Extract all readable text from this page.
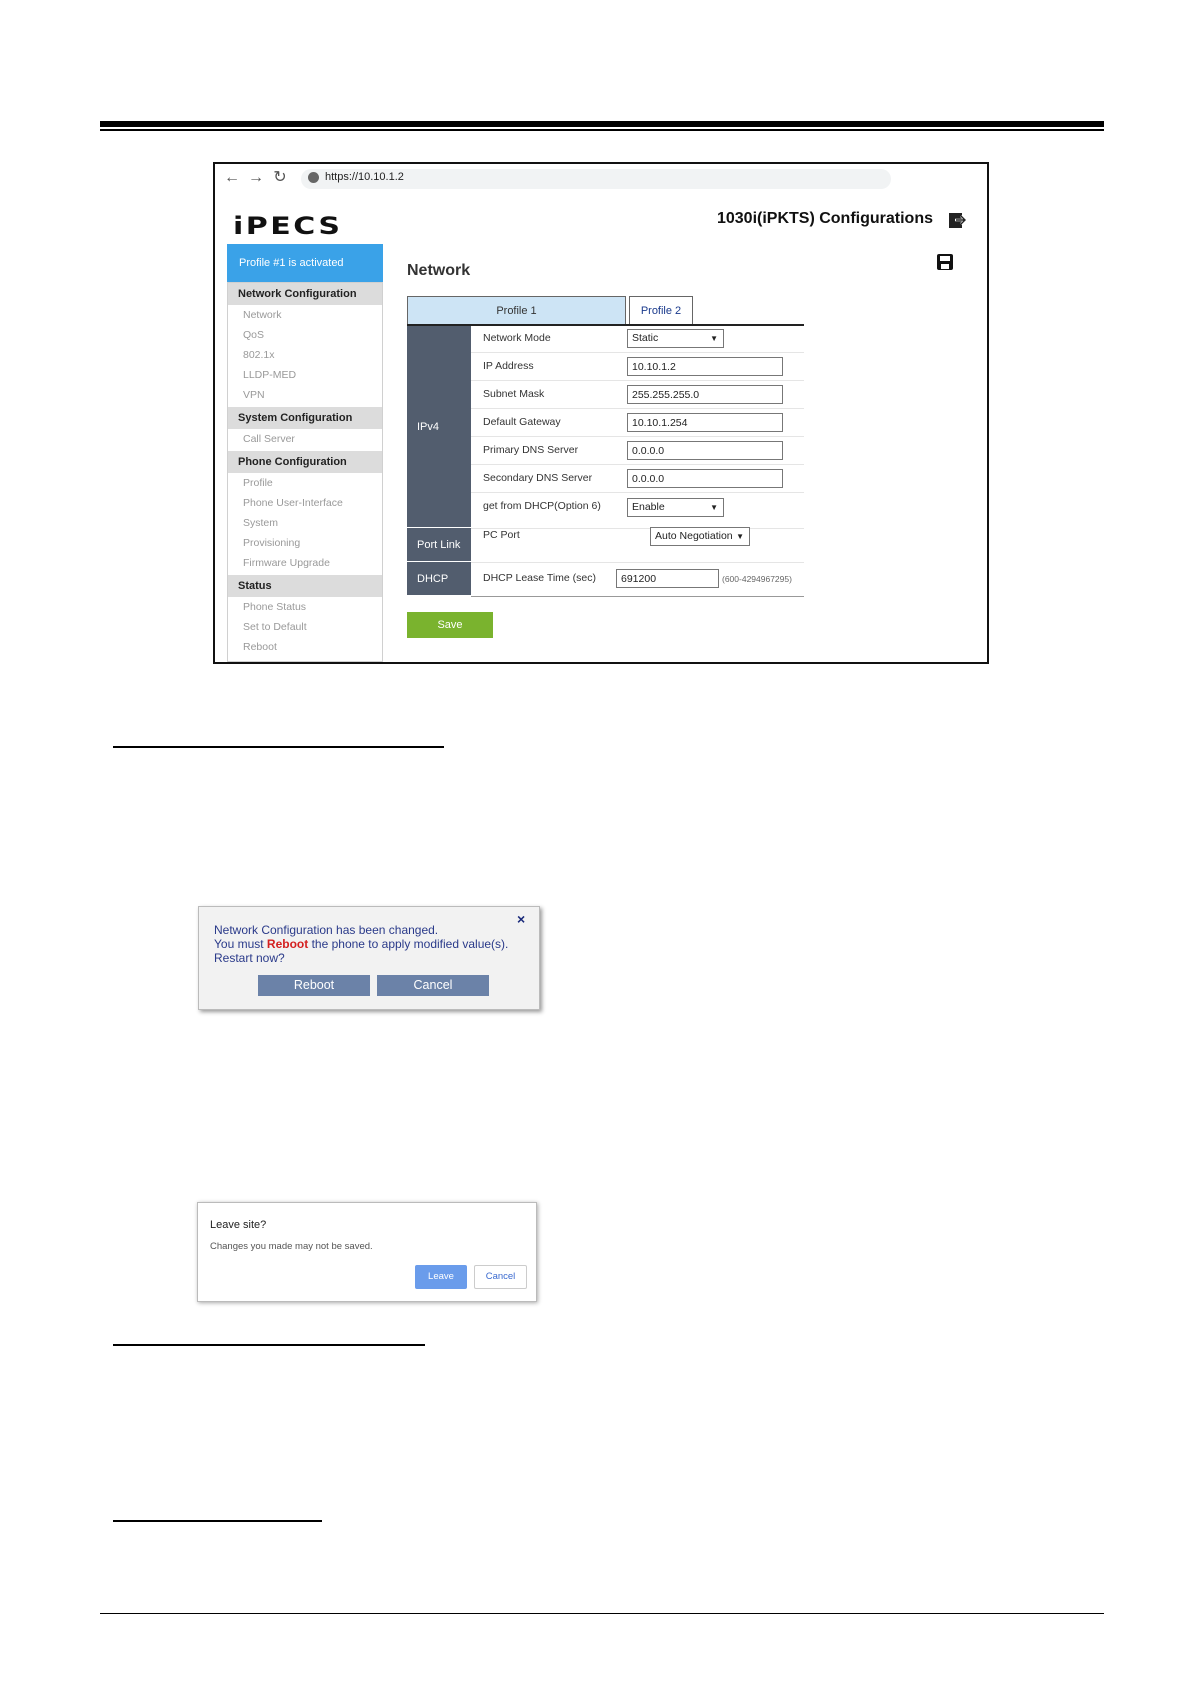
← → ↻	https://10.10.1.2
iPECS	1030i(iPKTS) Configurations
Profile #1 is activated
Network Configuration
Network
QoS
802.1x
LLDP-MED
VPN
System Configuration
Call Server
Phone Configuration
Profile
Phone User-Interface
System
Provisioning
Firmware Upgrade
Status
Phone Status
Set to Default
Reboot
Network
Profile 1	Profile 2
IPv4
Port Link
DHCP
Network Mode	Static	▼
IP Address	10.10.1.2
Subnet Mask	255.255.255.0
Default Gateway	10.10.1.254
Primary DNS Server	0.0.0.0
Secondary DNS Server	0.0.0.0
get from DHCP(Option 6)	Enable	▼
PC Port	Auto Negotiation ▼
DHCP Lease Time (sec)	691200	(600-4294967295)
Save
Network Configuration has been changed.
You must Reboot the phone to apply modified value(s).
Restart now?
×
Reboot	Cancel
Leave site?
Changes you made may not be saved.
Leave	Cancel
